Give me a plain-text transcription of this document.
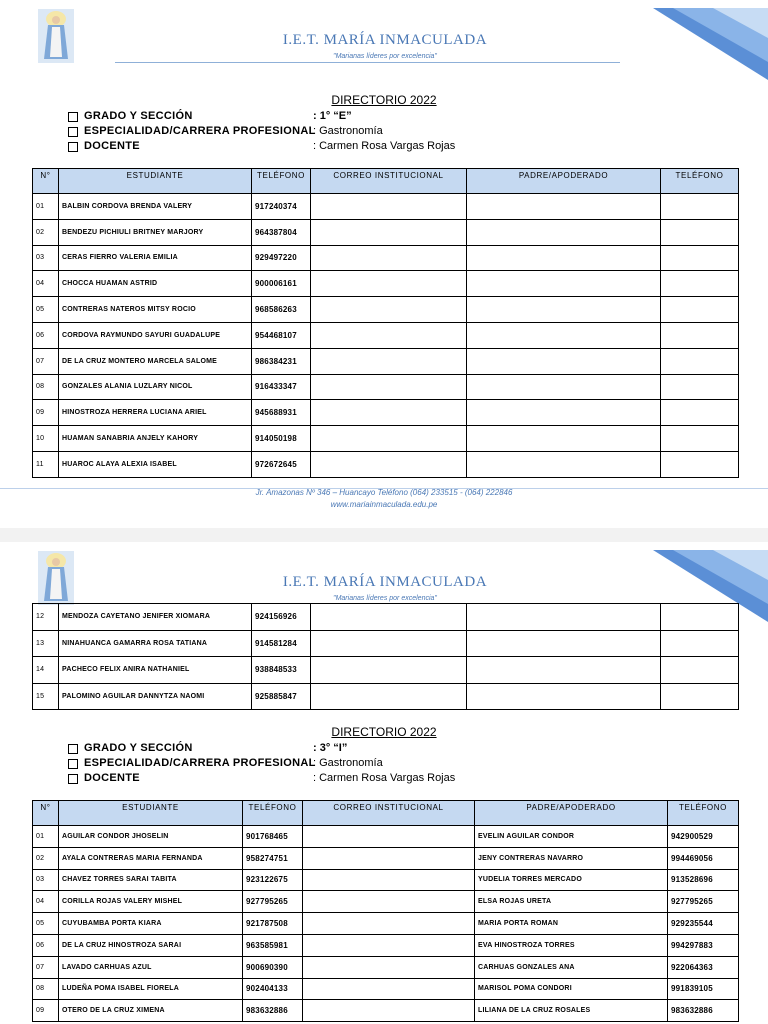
I.E.T. MARÍA INMACULADA
"Marianas líderes por excelencia"
DIRECTORIO 2022
GRADO Y SECCIÓN	: 1° “E”
ESPECIALIDAD/CARRERA PROFESIONAL
: Gastronomía
DOCENTE	: Carmen Rosa Vargas Rojas
N°	ESTUDIANTE	TELÉFONO	CORREO INSTITUCIONAL	PADRE/APODERADO	TELÉFONO
01	BALBIN CORDOVA BRENDA VALERY	917240374			
02	BENDEZU PICHIULI BRITNEY MARJORY	964387804			
03	CERAS FIERRO VALERIA EMILIA	929497220			
04	CHOCCA HUAMAN ASTRID	900006161			
05	CONTRERAS NATEROS MITSY ROCIO	968586263			
06	CORDOVA RAYMUNDO SAYURI GUADALUPE	954468107			
07	DE LA CRUZ MONTERO MARCELA SALOME	986384231			
08	GONZALES ALANIA LUZLARY NICOL	916433347			
09	HINOSTROZA HERRERA LUCIANA ARIEL	945688931			
10	HUAMAN SANABRIA ANJELY KAHORY	914050198			
11	HUAROC ALAYA ALEXIA ISABEL	972672645			
Jr. Amazonas Nº 346 – Huancayo Teléfono (064) 233515 - (064) 222846
www.mariainmaculada.edu.pe
I.E.T. MARÍA INMACULADA
"Marianas líderes por excelencia"
12	MENDOZA CAYETANO JENIFER XIOMARA	924156926			
13	NINAHUANCA GAMARRA ROSA TATIANA	914581284			
14	PACHECO FELIX ANIRA NATHANIEL	938848533			
15	PALOMINO AGUILAR DANNYTZA NAOMI	925885847			
DIRECTORIO 2022
GRADO Y SECCIÓN	: 3° “I”
ESPECIALIDAD/CARRERA PROFESIONAL
: Gastronomía
DOCENTE	: Carmen Rosa Vargas Rojas
N°	ESTUDIANTE	TELÉFONO	CORREO INSTITUCIONAL	PADRE/APODERADO	TELÉFONO
01	AGUILAR CONDOR JHOSELIN	901768465		EVELIN AGUILAR CONDOR	942900529
02	AYALA CONTRERAS MARIA FERNANDA	958274751		JENY CONTRERAS NAVARRO	994469056
03	CHAVEZ TORRES SARAI TABITA	923122675		YUDELIA TORRES MERCADO	913528696
04	CORILLA ROJAS VALERY MISHEL	927795265		ELSA ROJAS URETA	927795265
05	CUYUBAMBA PORTA KIARA	921787508		MARIA PORTA ROMAN	929235544
06	DE LA CRUZ HINOSTROZA SARAI	963585981		EVA HINOSTROZA TORRES	994297883
07	LAVADO CARHUAS AZUL	900690390		CARHUAS GONZALES ANA	922064363
08	LUDEÑA POMA ISABEL FIORELA	902404133		MARISOL POMA CONDORI	991839105
09	OTERO DE LA CRUZ XIMENA	983632886		LILIANA DE LA CRUZ ROSALES	983632886
